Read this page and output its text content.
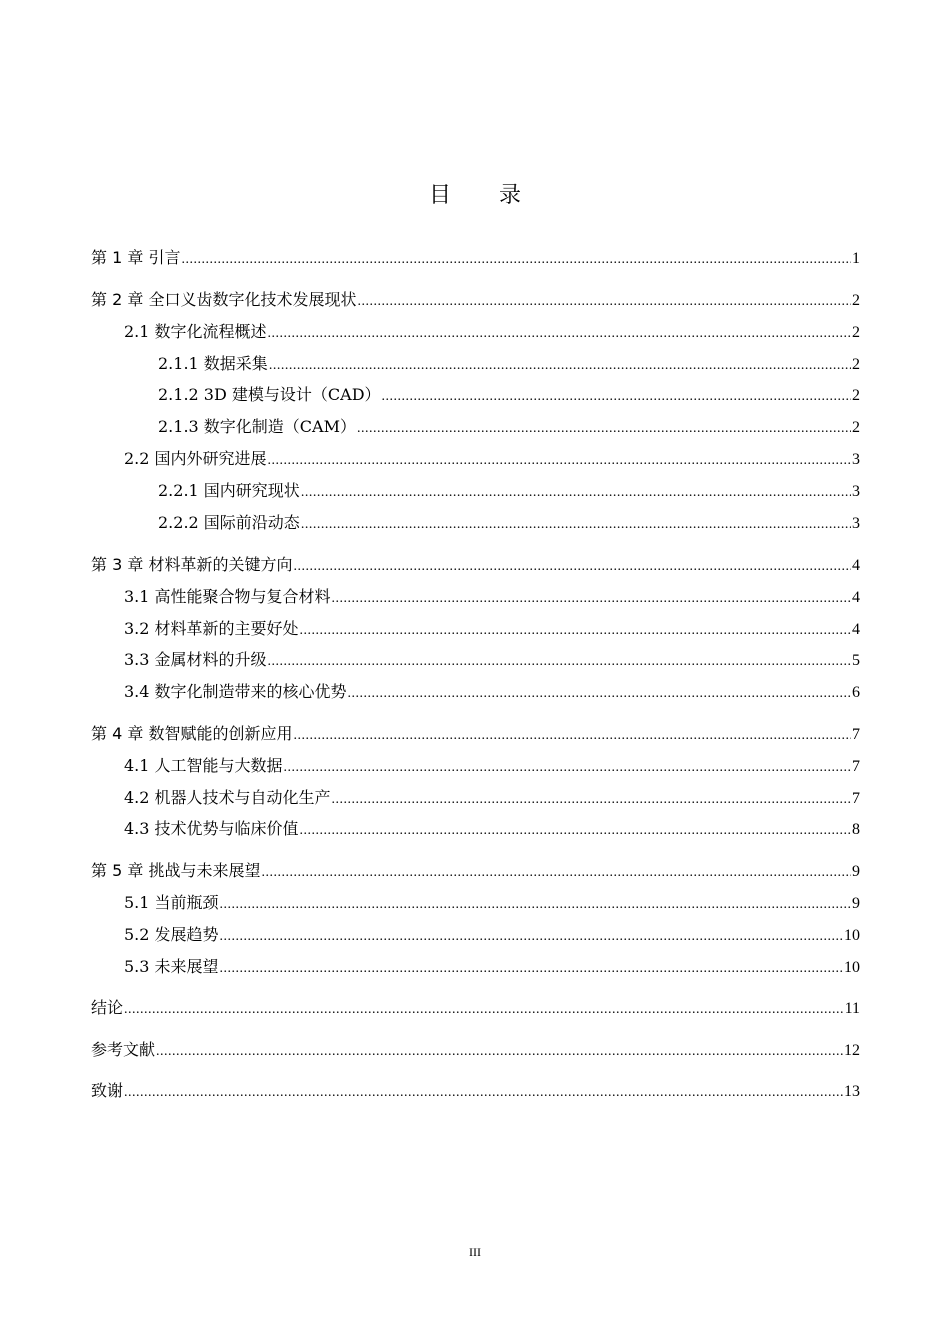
目 录
第 1 章 引言 .....	1
第 2 章 全口义齿数字化技术发展现状 .....	2
2.1 数字化流程概述 .....	2
2.1.1 数据采集 .....	2
2.1.2 3D 建模与设计（CAD） .....	2
2.1.3 数字化制造（CAM） .....	2
2.2 国内外研究进展 .....	3
2.2.1 国内研究现状 .....	3
2.2.2 国际前沿动态 .....	3
第 3 章 材料革新的关键方向 .....	4
3.1 高性能聚合物与复合材料 .....	4
3.2 材料革新的主要好处 .....	4
3.3 金属材料的升级 .....	5
3.4 数字化制造带来的核心优势 .....	6
第 4 章 数智赋能的创新应用 .....	7
4.1 人工智能与大数据 .....	7
4.2 机器人技术与自动化生产 .....	7
4.3 技术优势与临床价值 .....	8
第 5 章 挑战与未来展望 .....	9
5.1 当前瓶颈 .....	9
5.2 发展趋势 .....	10
5.3 未来展望 .....	10
结论 .....	11
参考文献 .....	12
致谢 .....	13
III
